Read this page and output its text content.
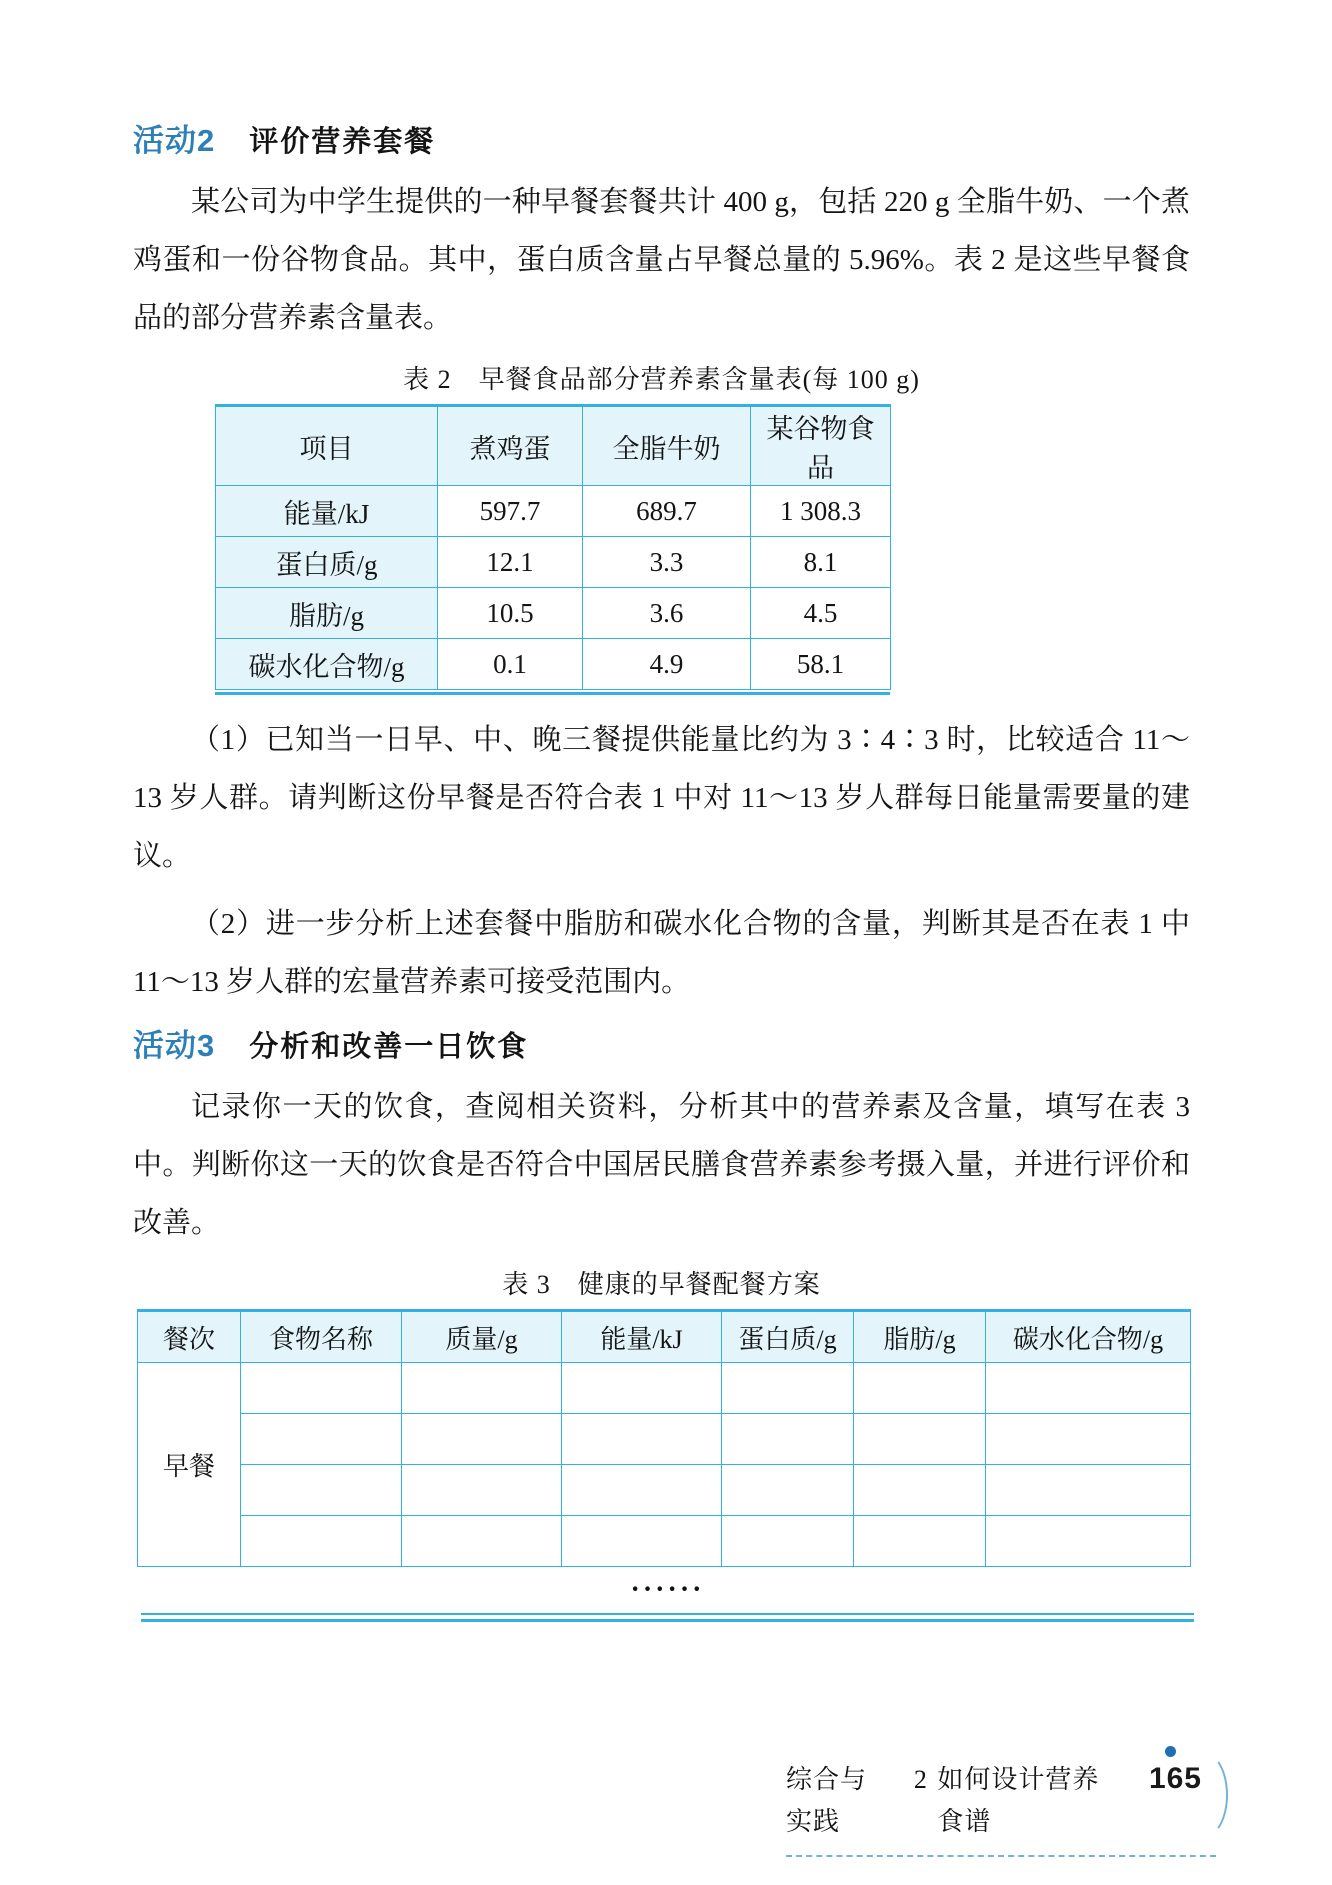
活动2 评价营养套餐

某公司为中学生提供的一种早餐套餐共计 400 g，包括 220 g 全脂牛奶、一个煮鸡蛋和一份谷物食品。其中，蛋白质含量占早餐总量的 5.96%。表 2 是这些早餐食品的部分营养素含量表。

表 2　早餐食品部分营养素含量表(每 100 g)
项目	煮鸡蛋	全脂牛奶	某谷物食品
能量/kJ	597.7	689.7	1 308.3
蛋白质/g	12.1	3.3	8.1
脂肪/g	10.5	3.6	4.5
碳水化合物/g	0.1	4.9	58.1

（1）已知当一日早、中、晚三餐提供能量比约为 3∶4∶3 时，比较适合 11～13 岁人群。请判断这份早餐是否符合表 1 中对 11～13 岁人群每日能量需要量的建议。

（2）进一步分析上述套餐中脂肪和碳水化合物的含量，判断其是否在表 1 中 11～13 岁人群的宏量营养素可接受范围内。

活动3 分析和改善一日饮食

记录你一天的饮食，查阅相关资料，分析其中的营养素及含量，填写在表 3 中。判断你这一天的饮食是否符合中国居民膳食营养素参考摄入量，并进行评价和改善。

表 3　健康的早餐配餐方案
餐次	食物名称	质量/g	能量/kJ	蛋白质/g	脂肪/g	碳水化合物/g
早餐						

······
综合与实践
2 如何设计营养食谱
165
